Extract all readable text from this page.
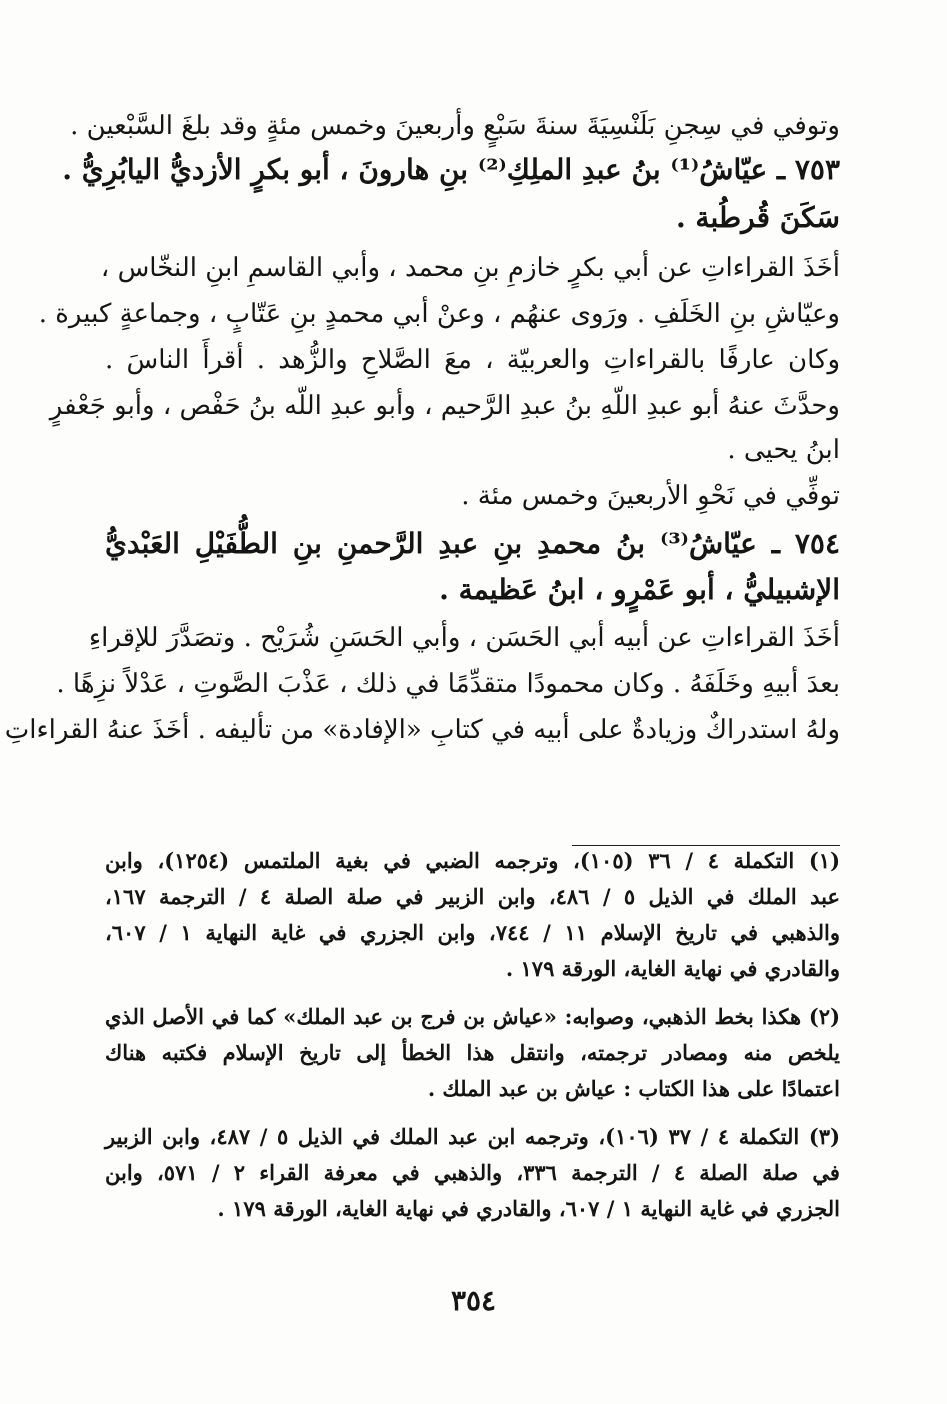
وتوفي في سِجنِ بَلَنْسِيَةَ سنةَ سَبْعٍ وأربعينَ وخمس مئةٍ وقد بلغَ السَّبْعين .
٧٥٣ ـ عيّاشُ⁽¹⁾ بنُ عبدِ الملِكِ⁽²⁾ بنِ هارونَ ، أبو بكرٍ الأزديُّ اليابُرِيُّ .
سَكَنَ قُرطُبة .
أخَذَ القراءاتِ عن أبي بكرٍ خازمِ بنِ محمد ، وأبي القاسمِ ابنِ النخّاس ،
وعيّاشِ بنِ الخَلَفِ . ورَوى عنهُم ، وعنْ أبي محمدٍ بنِ عَتّابٍ ، وجماعةٍ كبيرة .
وكان عارفًا بالقراءاتِ والعربيّة ، معَ الصَّلاحِ والزُّهد . أقرأَ الناسَ .
وحدَّثَ عنهُ أبو عبدِ اللّهِ بنُ عبدِ الرَّحيم ، وأبو عبدِ اللّه بنُ حَفْص ، وأبو جَعْفرٍ
ابنُ يحيى .
توفِّي في نَحْوِ الأربعينَ وخمس مئة .
٧٥٤ ـ عيّاشُ⁽³⁾ بنُ محمدِ بنِ عبدِ الرَّحمنِ بنِ الطُّفَيْلِ العَبْديُّ
الإشبيليُّ ، أبو عَمْرٍو ، ابنُ عَظيمة .
أخَذَ القراءاتِ عن أبيه أبي الحَسَن ، وأبي الحَسَنِ شُرَيْح . وتصَدَّرَ للإقراءِ
بعدَ أبيهِ وخَلَفَهُ . وكان محمودًا متقدِّمًا في ذلك ، عَذْبَ الصَّوتِ ، عَدْلاً نزِهًا .
ولهُ استدراكٌ وزيادةٌ على أبيه في كتابِ «الإفادة» من تأليفه . أخَذَ عنهُ القراءاتِ
(١) التكملة ٤ / ٣٦ (١٠٥)، وترجمه الضبي في بغية الملتمس (١٢٥٤)، وابن
عبد الملك في الذيل ٥ / ٤٨٦، وابن الزبير في صلة الصلة ٤ / الترجمة ١٦٧،
والذهبي في تاريخ الإسلام ١١ / ٧٤٤، وابن الجزري في غاية النهاية ١ / ٦٠٧،
والقادري في نهاية الغاية، الورقة ١٧٩ .
(٢) هكذا بخط الذهبي، وصوابه: «عياش بن فرج بن عبد الملك» كما في الأصل الذي
يلخص منه ومصادر ترجمته، وانتقل هذا الخطأ إلى تاريخ الإسلام فكتبه هناك
اعتمادًا على هذا الكتاب : عياش بن عبد الملك .
(٣) التكملة ٤ / ٣٧ (١٠٦)، وترجمه ابن عبد الملك في الذيل ٥ / ٤٨٧، وابن الزبير
في صلة الصلة ٤ / الترجمة ٣٣٦، والذهبي في معرفة القراء ٢ / ٥٧١، وابن
الجزري في غاية النهاية ١ / ٦٠٧، والقادري في نهاية الغاية، الورقة ١٧٩ .
٣٥٤
